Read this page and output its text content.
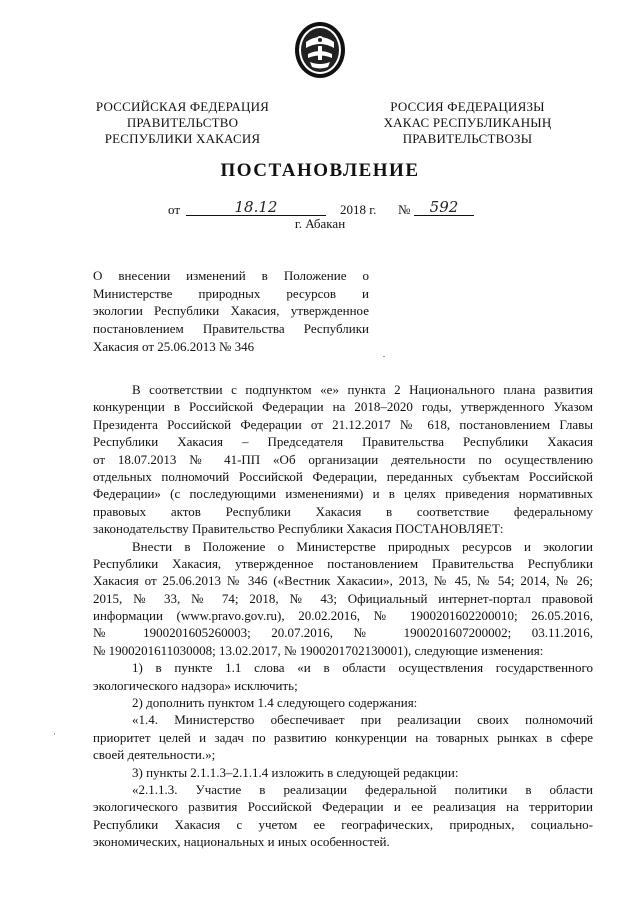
РОССИЙСКАЯ ФЕДЕРАЦИЯ
ПРАВИТЕЛЬСТВО
РЕСПУБЛИКИ ХАКАСИЯ
РОССИЯ ФЕДЕРАЦИЯЗЫ
ХАКАС РЕСПУБЛИКАНЫҢ
ПРАВИТЕЛЬСТВОЗЫ
ПОСТАНОВЛЕНИЕ
от	18.12	2018 г. №	592
г. Абакан
О внесении изменений в Положение о
Министерстве природных ресурсов и
экологии Республики Хакасия, утвержденное
постановлением Правительства Республики
Хакасия от 25.06.2013 № 346
В соответствии с подпунктом «е» пункта 2 Национального плана развития
конкуренции в Российской Федерации на 2018–2020 годы, утвержденного Указом
Президента Российской Федерации от 21.12.2017 № 618, постановлением Главы
Республики Хакасия – Председателя Правительства Республики Хакасия
от 18.07.2013 № 41-ПП «Об организации деятельности по осуществлению
отдельных полномочий Российской Федерации, переданных субъектам Российской
Федерации» (с последующими изменениями) и в целях приведения нормативных
правовых актов Республики Хакасия в соответствие федеральному
законодательству Правительство Республики Хакасия ПОСТАНОВЛЯЕТ:
Внести в Положение о Министерстве природных ресурсов и экологии
Республики Хакасия, утвержденное постановлением Правительства Республики
Хакасия от 25.06.2013 № 346 («Вестник Хакасии», 2013, № 45, № 54; 2014, № 26;
2015, № 33, № 74; 2018, № 43; Официальный интернет-портал правовой
информации (www.pravo.gov.ru), 20.02.2016, № 1900201602200010; 26.05.2016,
№ 1900201605260003; 20.07.2016, № 1900201607200002; 03.11.2016,
№ 1900201611030008; 13.02.2017, № 1900201702130001), следующие изменения:
1) в пункте 1.1 слова «и в области осуществления государственного
экологического надзора» исключить;
2) дополнить пунктом 1.4 следующего содержания:
«1.4. Министерство обеспечивает при реализации своих полномочий
приоритет целей и задач по развитию конкуренции на товарных рынках в сфере
своей деятельности.»;
3) пункты 2.1.1.3–2.1.1.4 изложить в следующей редакции:
«2.1.1.3. Участие в реализации федеральной политики в области
экологического развития Российской Федерации и ее реализация на территории
Республики Хакасия с учетом ее географических, природных, социально-
экономических, национальных и иных особенностей.
